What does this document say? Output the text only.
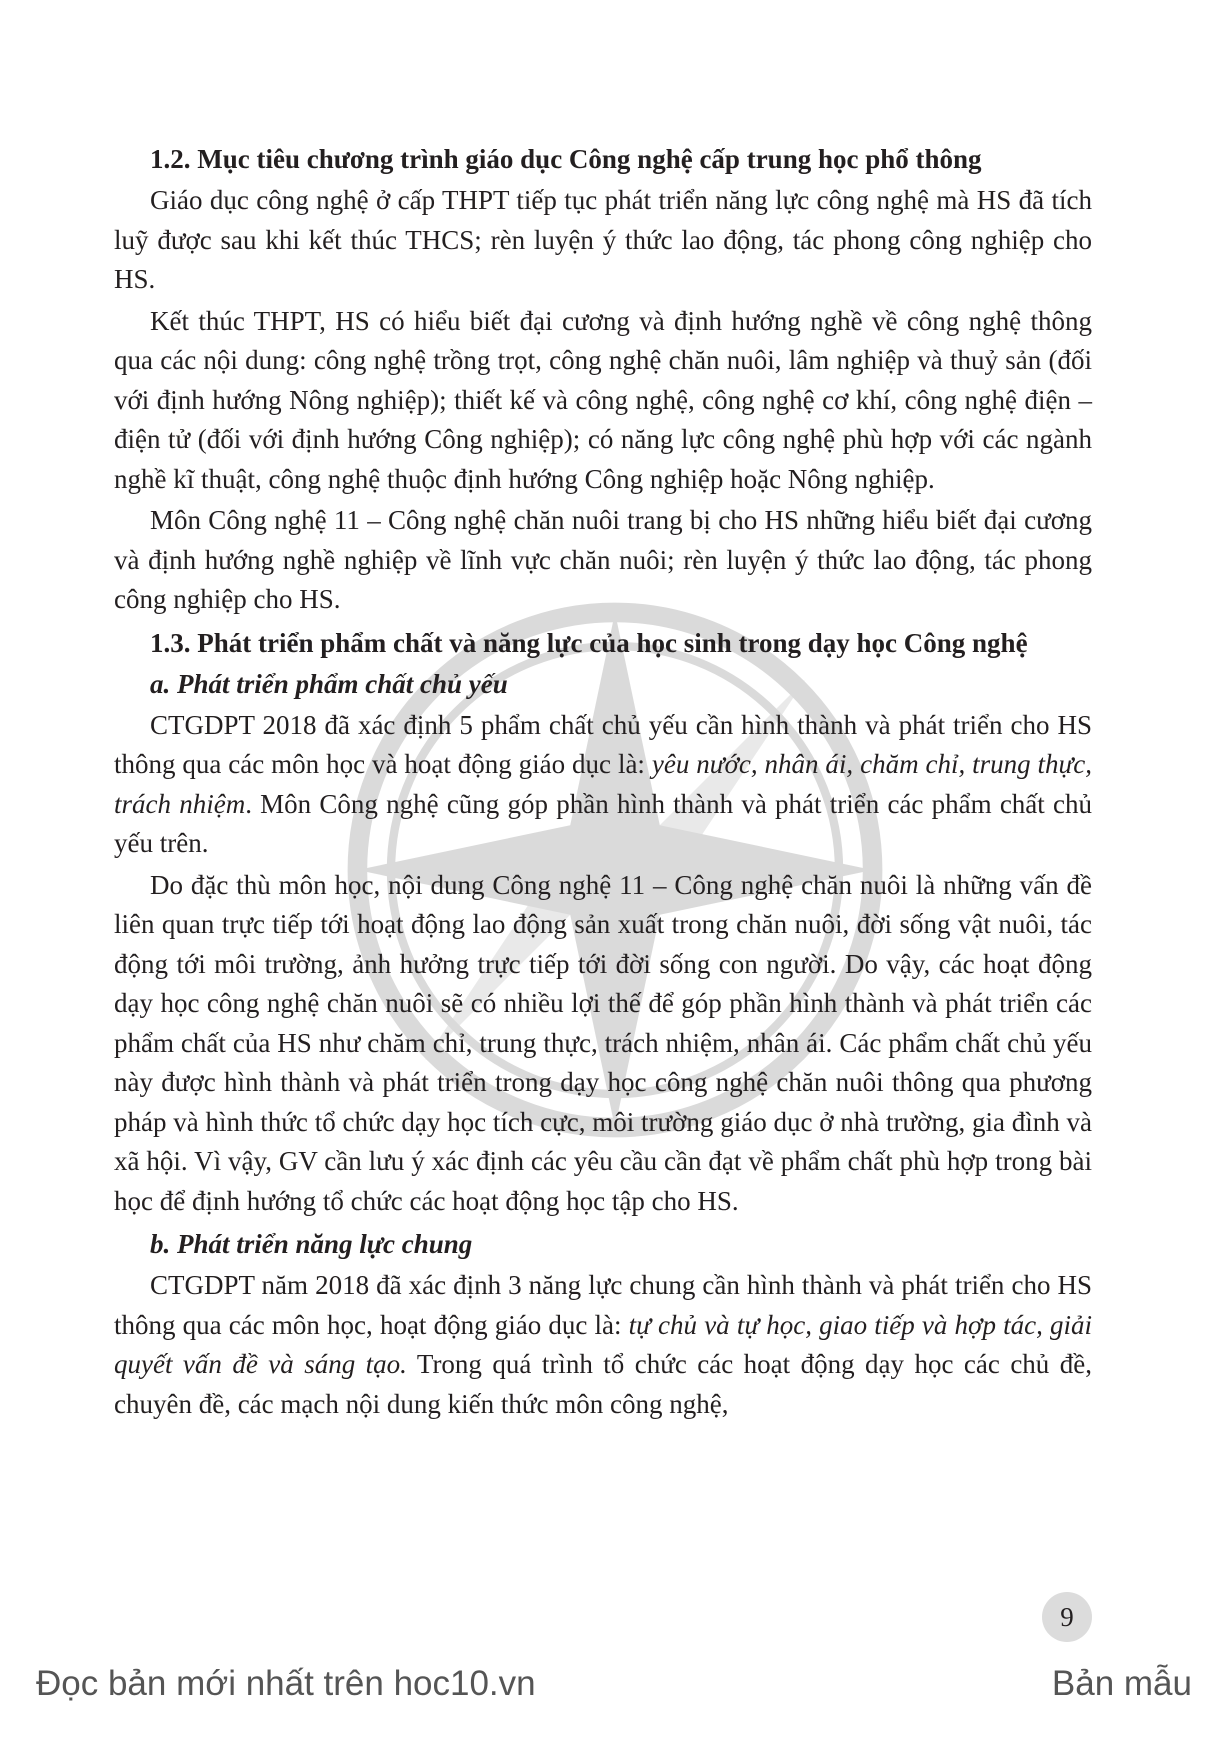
1.2. Mục tiêu chương trình giáo dục Công nghệ cấp trung học phổ thông

Giáo dục công nghệ ở cấp THPT tiếp tục phát triển năng lực công nghệ mà HS đã tích luỹ được sau khi kết thúc THCS; rèn luyện ý thức lao động, tác phong công nghiệp cho HS.

Kết thúc THPT, HS có hiểu biết đại cương và định hướng nghề về công nghệ thông qua các nội dung: công nghệ trồng trọt, công nghệ chăn nuôi, lâm nghiệp và thuỷ sản (đối với định hướng Nông nghiệp); thiết kế và công nghệ, công nghệ cơ khí, công nghệ điện – điện tử (đối với định hướng Công nghiệp); có năng lực công nghệ phù hợp với các ngành nghề kĩ thuật, công nghệ thuộc định hướng Công nghiệp hoặc Nông nghiệp.

Môn Công nghệ 11 – Công nghệ chăn nuôi trang bị cho HS những hiểu biết đại cương và định hướng nghề nghiệp về lĩnh vực chăn nuôi; rèn luyện ý thức lao động, tác phong công nghiệp cho HS.

1.3. Phát triển phẩm chất và năng lực của học sinh trong dạy học Công nghệ
a. Phát triển phẩm chất chủ yếu

CTGDPT 2018 đã xác định 5 phẩm chất chủ yếu cần hình thành và phát triển cho HS thông qua các môn học và hoạt động giáo dục là: yêu nước, nhân ái, chăm chỉ, trung thực, trách nhiệm. Môn Công nghệ cũng góp phần hình thành và phát triển các phẩm chất chủ yếu trên.

Do đặc thù môn học, nội dung Công nghệ 11 – Công nghệ chăn nuôi là những vấn đề liên quan trực tiếp tới hoạt động lao động sản xuất trong chăn nuôi, đời sống vật nuôi, tác động tới môi trường, ảnh hưởng trực tiếp tới đời sống con người. Do vậy, các hoạt động dạy học công nghệ chăn nuôi sẽ có nhiều lợi thế để góp phần hình thành và phát triển các phẩm chất của HS như chăm chỉ, trung thực, trách nhiệm, nhân ái. Các phẩm chất chủ yếu này được hình thành và phát triển trong dạy học công nghệ chăn nuôi thông qua phương pháp và hình thức tổ chức dạy học tích cực, môi trường giáo dục ở nhà trường, gia đình và xã hội. Vì vậy, GV cần lưu ý xác định các yêu cầu cần đạt về phẩm chất phù hợp trong bài học để định hướng tổ chức các hoạt động học tập cho HS.

b. Phát triển năng lực chung

CTGDPT năm 2018 đã xác định 3 năng lực chung cần hình thành và phát triển cho HS thông qua các môn học, hoạt động giáo dục là: tự chủ và tự học, giao tiếp và hợp tác, giải quyết vấn đề và sáng tạo. Trong quá trình tổ chức các hoạt động dạy học các chủ đề, chuyên đề, các mạch nội dung kiến thức môn công nghệ,

9
Đọc bản mới nhất trên hoc10.vn	Bản mẫu
